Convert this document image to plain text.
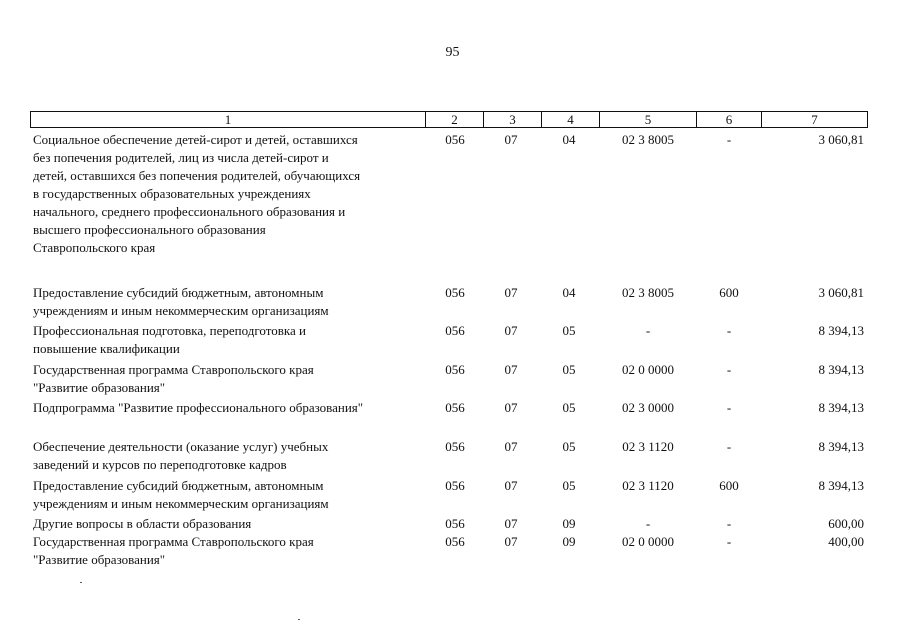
95
1	2	3	4	5	6	7
Социальное обеспечение детей-сирот и детей, оставшихся
без попечения родителей, лиц из числа детей-сирот и
детей, оставшихся без попечения родителей, обучающихся
в государственных образовательных учреждениях
начального, среднего профессионального образования и
высшего профессионального образования
Ставропольского края
056	07	04	02 3 8005	-	3 060,81
Предоставление субсидий бюджетным, автономным
учреждениям и иным некоммерческим организациям
056	07	04	02 3 8005	600	3 060,81
Профессиональная подготовка, переподготовка и
повышение квалификации
056	07	05	-	-	8 394,13
Государственная программа Ставропольского края
"Развитие образования"
056	07	05	02 0 0000	-	8 394,13
Подпрограмма "Развитие профессионального образования"	056	07	05	02 3 0000	-	8 394,13
Обеспечение деятельности (оказание услуг) учебных
заведений и курсов по переподготовке кадров
056	07	05	02 3 1120	-	8 394,13
Предоставление субсидий бюджетным, автономным
учреждениям и иным некоммерческим организациям
056	07	05	02 3 1120	600	8 394,13
Другие вопросы в области образования	056	07	09	-	-	600,00
Государственная программа Ставропольского края
"Развитие образования"
056	07	09	02 0 0000	-	400,00
